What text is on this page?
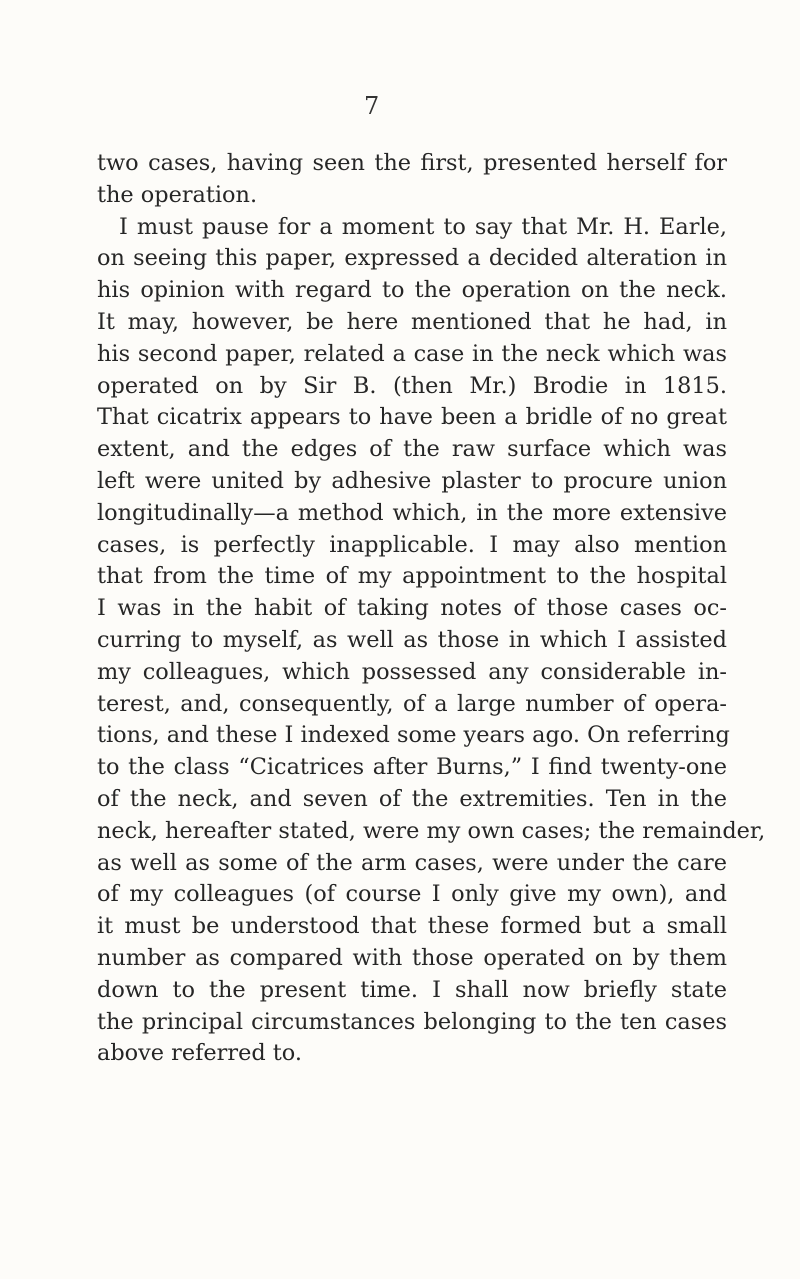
7
two cases, having seen the first, presented herself for
the operation.
I must pause for a moment to say that Mr. H. Earle,
on seeing this paper, expressed a decided alteration in
his opinion with regard to the operation on the neck.
It may, however, be here mentioned that he had, in
his second paper, related a case in the neck which was
operated on by Sir B. (then Mr.) Brodie in 1815.
That cicatrix appears to have been a bridle of no great
extent, and the edges of the raw surface which was
left were united by adhesive plaster to procure union
longitudinally—a method which, in the more extensive
cases, is perfectly inapplicable. I may also mention
that from the time of my appointment to the hospital
I was in the habit of taking notes of those cases oc-
curring to myself, as well as those in which I assisted
my colleagues, which possessed any considerable in-
terest, and, consequently, of a large number of opera-
tions, and these I indexed some years ago. On referring
to the class “Cicatrices after Burns,” I find twenty-one
of the neck, and seven of the extremities. Ten in the
neck, hereafter stated, were my own cases; the remainder,
as well as some of the arm cases, were under the care
of my colleagues (of course I only give my own), and
it must be understood that these formed but a small
number as compared with those operated on by them
down to the present time. I shall now briefly state
the principal circumstances belonging to the ten cases
above referred to.
